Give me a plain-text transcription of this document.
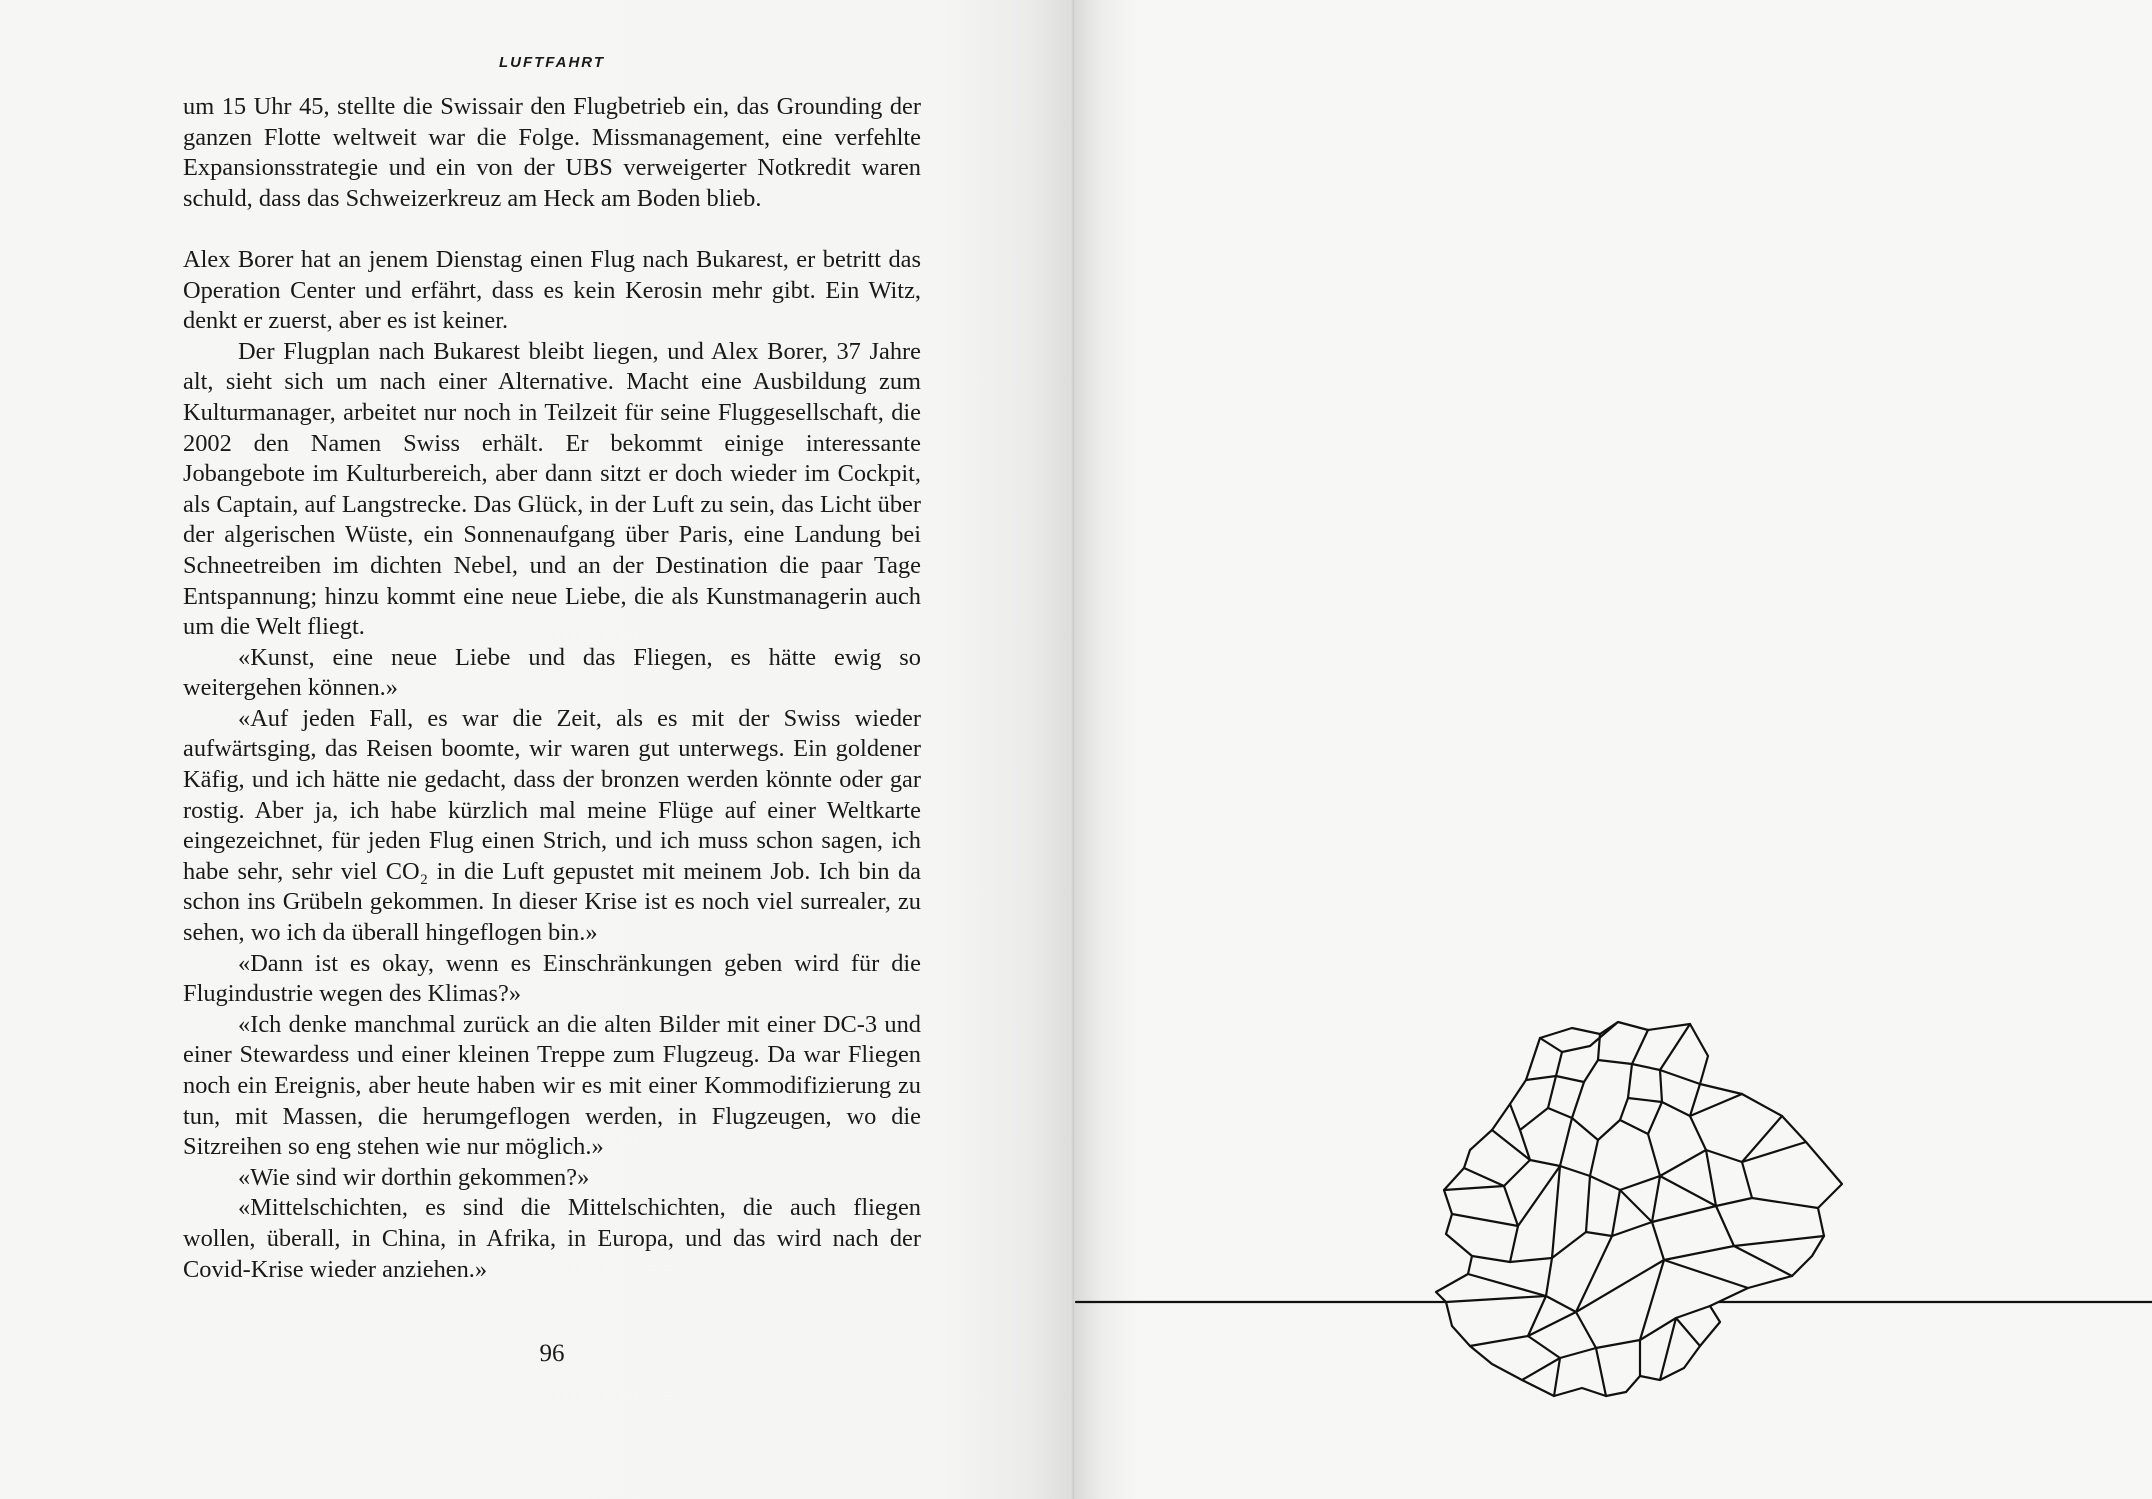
LUFTFAHRT

um 15 Uhr 45, stellte die Swissair den Flugbetrieb ein, das Grounding der ganzen Flotte weltweit war die Folge. Missmanagement, eine verfehlte Expansionsstrategie und ein von der UBS verweigerter Notkredit waren schuld, dass das Schweizerkreuz am Heck am Boden blieb.

Alex Borer hat an jenem Dienstag einen Flug nach Bukarest, er betritt das Operation Center und erfährt, dass es kein Kerosin mehr gibt. Ein Witz, denkt er zuerst, aber es ist keiner.

Der Flugplan nach Bukarest bleibt liegen, und Alex Borer, 37 Jahre alt, sieht sich um nach einer Alternative. Macht eine Ausbildung zum Kulturmanager, arbeitet nur noch in Teilzeit für seine Fluggesellschaft, die 2002 den Namen Swiss erhält. Er bekommt einige interessante Jobangebote im Kulturbereich, aber dann sitzt er doch wieder im Cockpit, als Captain, auf Langstrecke. Das Glück, in der Luft zu sein, das Licht über der algerischen Wüste, ein Sonnenaufgang über Paris, eine Landung bei Schneetreiben im dichten Nebel, und an der Destination die paar Tage Entspannung; hinzu kommt eine neue Liebe, die als Kunstmanagerin auch um die Welt fliegt.

«Kunst, eine neue Liebe und das Fliegen, es hätte ewig so weitergehen können.»

«Auf jeden Fall, es war die Zeit, als es mit der Swiss wieder aufwärtsging, das Reisen boomte, wir waren gut unterwegs. Ein goldener Käfig, und ich hätte nie gedacht, dass der bronzen werden könnte oder gar rostig. Aber ja, ich habe kürzlich mal meine Flüge auf einer Weltkarte eingezeichnet, für jeden Flug einen Strich, und ich muss schon sagen, ich habe sehr, sehr viel CO₂ in die Luft gepustet mit meinem Job. Ich bin da schon ins Grübeln gekommen. In dieser Krise ist es noch viel surrealer, zu sehen, wo ich da überall hingeflogen bin.»

«Dann ist es okay, wenn es Einschränkungen geben wird für die Flugindustrie wegen des Klimas?»

«Ich denke manchmal zurück an die alten Bilder mit einer DC-3 und einer Stewardess und einer kleinen Treppe zum Flugzeug. Da war Fliegen noch ein Ereignis, aber heute haben wir es mit einer Kommodifizierung zu tun, mit Massen, die herumgeflogen werden, in Flugzeugen, wo die Sitzreihen so eng stehen wie nur möglich.»

«Wie sind wir dorthin gekommen?»

«Mittelschichten, es sind die Mittelschichten, die auch fliegen wollen, überall, in China, in Afrika, in Europa, und das wird nach der Covid-Krise wieder anziehen.»

96
